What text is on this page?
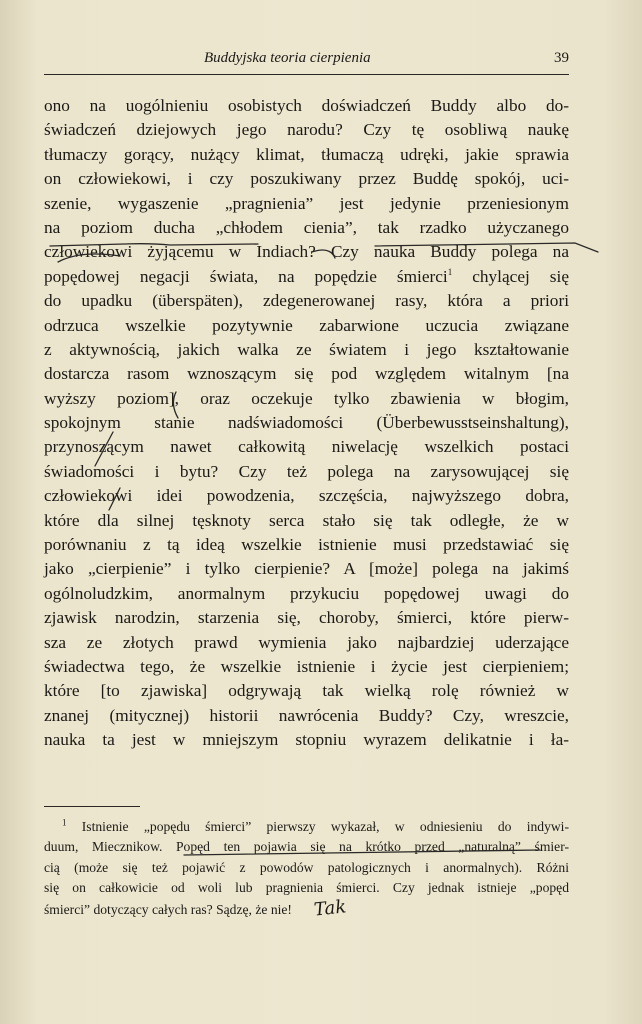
Buddyjska teoria cierpienia	39
ono na uogólnieniu osobistych doświadczeń Buddy albo do-
świadczeń dziejowych jego narodu? Czy tę osobliwą naukę
tłumaczy gorący, nużący klimat, tłumaczą udręki, jakie sprawia
on człowiekowi, i czy poszukiwany przez Buddę spokój, uci-
szenie, wygaszenie „pragnienia” jest jedynie przeniesionym
na poziom ducha „chłodem cienia”, tak rzadko użyczanego
człowiekowi żyjącemu w Indiach? Czy nauka Buddy polega na
popędowej negacji świata, na popędzie śmierci$^1$ chylącej się
do upadku (überspäten), zdegenerowanej rasy, która a priori
odrzuca wszelkie pozytywnie zabarwione uczucia związane
z aktywnością, jakich walka ze światem i jego kształtowanie
dostarcza rasom wznoszącym się pod względem witalnym [na
wyższy poziom], oraz oczekuje tylko zbawienia w błogim,
spokojnym stanie nadświadomości (Überbewusstseinshaltung),
przynoszącym nawet całkowitą niwelację wszelkich postaci
świadomości i bytu? Czy też polega na zarysowującej się
człowiekowi idei powodzenia, szczęścia, najwyższego dobra,
które dla silnej tęsknoty serca stało się tak odległe, że w
porównaniu z tą ideą wszelkie istnienie musi przedstawiać się
jako „cierpienie” i tylko cierpienie? A [może] polega na jakimś
ogólnoludzkim, anormalnym przykuciu popędowej uwagi do
zjawisk narodzin, starzenia się, choroby, śmierci, które pierw-
sza ze złotych prawd wymienia jako najbardziej uderzające
świadectwa tego, że wszelkie istnienie i życie jest cierpieniem;
które [to zjawiska] odgrywają tak wielką rolę również w
znanej (mitycznej) historii nawrócenia Buddy? Czy, wreszcie,
nauka ta jest w mniejszym stopniu wyrazem delikatnie i ła-
$^1$ Istnienie „popędu śmierci” pierwszy wykazał, w odniesieniu do indywi-
duum, Miecznikow. Popęd ten pojawia się na krótko przed „naturalną” śmier-
cią (może się też pojawić z powodów patologicznych i anormalnych). Różni
się on całkowicie od woli lub pragnienia śmierci. Czy jednak istnieje „popęd
śmierci” dotyczący całych ras? Sądzę, że nie! Tak
